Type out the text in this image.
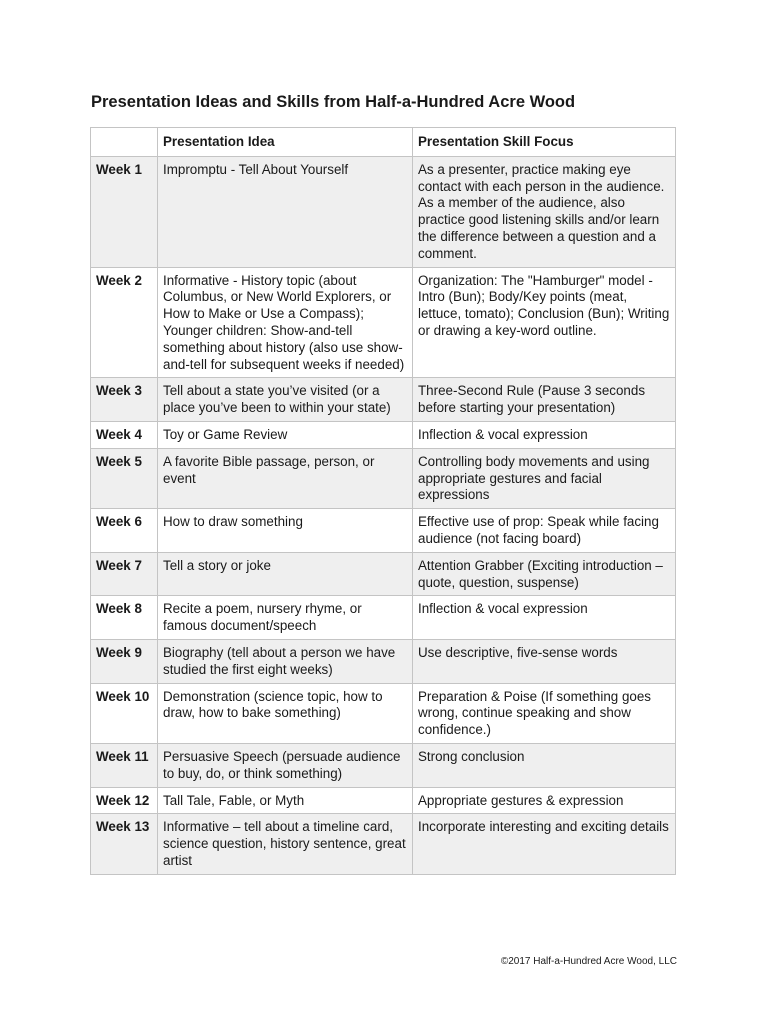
Presentation Ideas and Skills from Half-a-Hundred Acre Wood
	Presentation Idea	Presentation Skill Focus
Week 1	Impromptu - Tell About Yourself	As a presenter, practice making eye contact with each person in the audience. As a member of the audience, also practice good listening skills and/or learn the difference between a question and a comment.
Week 2	Informative - History topic (about Columbus, or New World Explorers, or How to Make or Use a Compass); Younger children: Show-and-tell something about history (also use show-and-tell for subsequent weeks if needed)	Organization: The "Hamburger" model - Intro (Bun); Body/Key points (meat, lettuce, tomato); Conclusion (Bun); Writing or drawing a key-word outline.
Week 3	Tell about a state you’ve visited (or a place you’ve been to within your state)	Three-Second Rule (Pause 3 seconds before starting your presentation)
Week 4	Toy or Game Review	Inflection & vocal expression
Week 5	A favorite Bible passage, person, or event	Controlling body movements and using appropriate gestures and facial expressions
Week 6	How to draw something	Effective use of prop: Speak while facing audience (not facing board)
Week 7	Tell a story or joke	Attention Grabber (Exciting introduction – quote, question, suspense)
Week 8	Recite a poem, nursery rhyme, or famous document/speech	Inflection & vocal expression
Week 9	Biography (tell about a person we have studied the first eight weeks)	Use descriptive, five-sense words
Week 10	Demonstration (science topic, how to draw, how to bake something)	Preparation & Poise (If something goes wrong, continue speaking and show confidence.)
Week 11	Persuasive Speech (persuade audience to buy, do, or think something)	Strong conclusion
Week 12	Tall Tale, Fable, or Myth	Appropriate gestures & expression
Week 13	Informative – tell about a timeline card, science question, history sentence, great artist	Incorporate interesting and exciting details
©2017 Half-a-Hundred Acre Wood, LLC
